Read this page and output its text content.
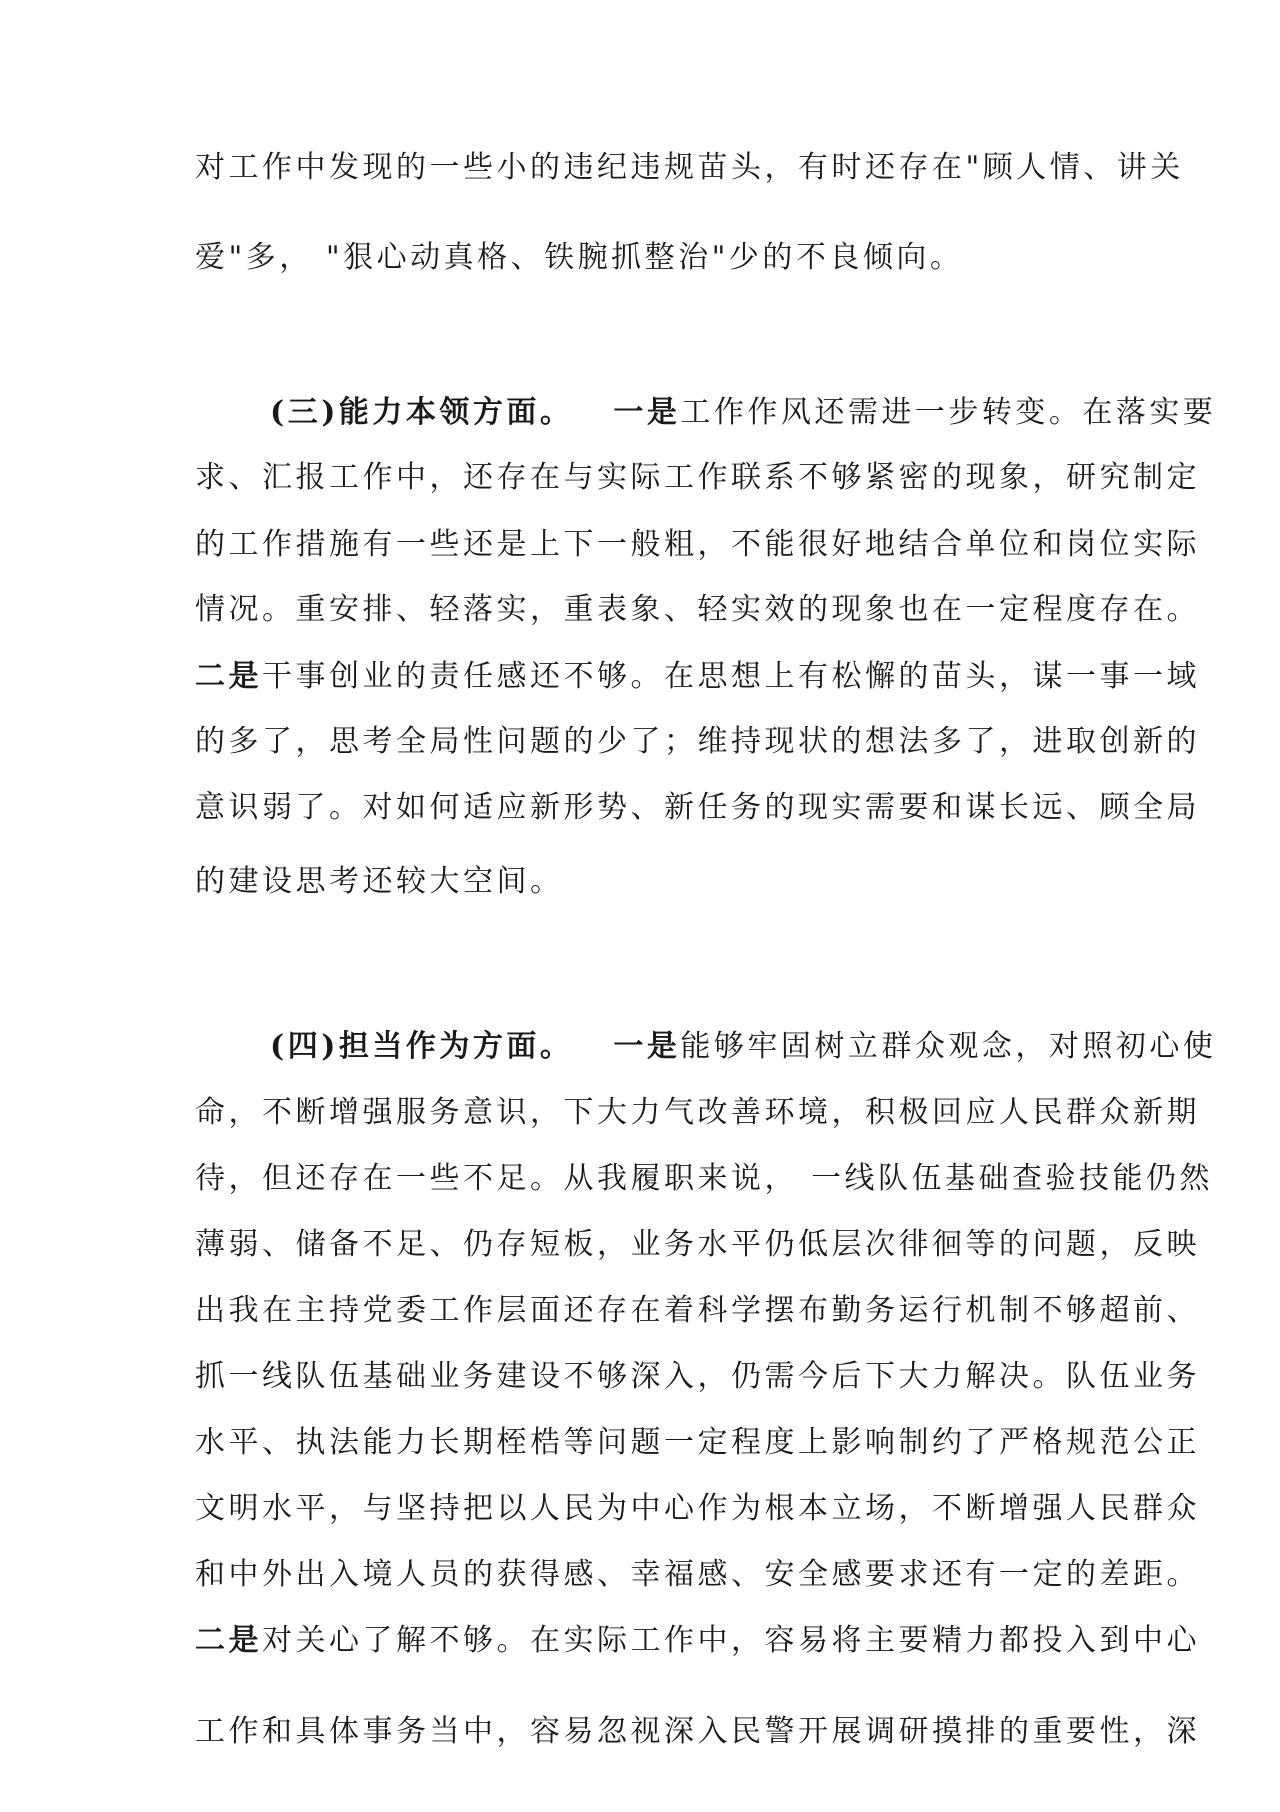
对工作中发现的一些小的违纪违规苗头，有时还存在"顾人情、讲关
爱"多， "狠心动真格、铁腕抓整治"少的不良倾向。
(三)能力本领方面。 一是工作作风还需进一步转变。在落实要
求、汇报工作中，还存在与实际工作联系不够紧密的现象，研究制定
的工作措施有一些还是上下一般粗，不能很好地结合单位和岗位实际
情况。重安排、轻落实，重表象、轻实效的现象也在一定程度存在。
二是干事创业的责任感还不够。在思想上有松懈的苗头，谋一事一域
的多了，思考全局性问题的少了；维持现状的想法多了，进取创新的
意识弱了。对如何适应新形势、新任务的现实需要和谋长远、顾全局
的建设思考还较大空间。
(四)担当作为方面。 一是能够牢固树立群众观念，对照初心使
命，不断增强服务意识，下大力气改善环境，积极回应人民群众新期
待，但还存在一些不足。从我履职来说， 一线队伍基础查验技能仍然
薄弱、储备不足、仍存短板，业务水平仍低层次徘徊等的问题，反映
出我在主持党委工作层面还存在着科学摆布勤务运行机制不够超前、
抓一线队伍基础业务建设不够深入，仍需今后下大力解决。队伍业务
水平、执法能力长期桎梏等问题一定程度上影响制约了严格规范公正
文明水平，与坚持把以人民为中心作为根本立场，不断增强人民群众
和中外出入境人员的获得感、幸福感、安全感要求还有一定的差距。
二是对关心了解不够。在实际工作中，容易将主要精力都投入到中心
工作和具体事务当中，容易忽视深入民警开展调研摸排的重要性，深
